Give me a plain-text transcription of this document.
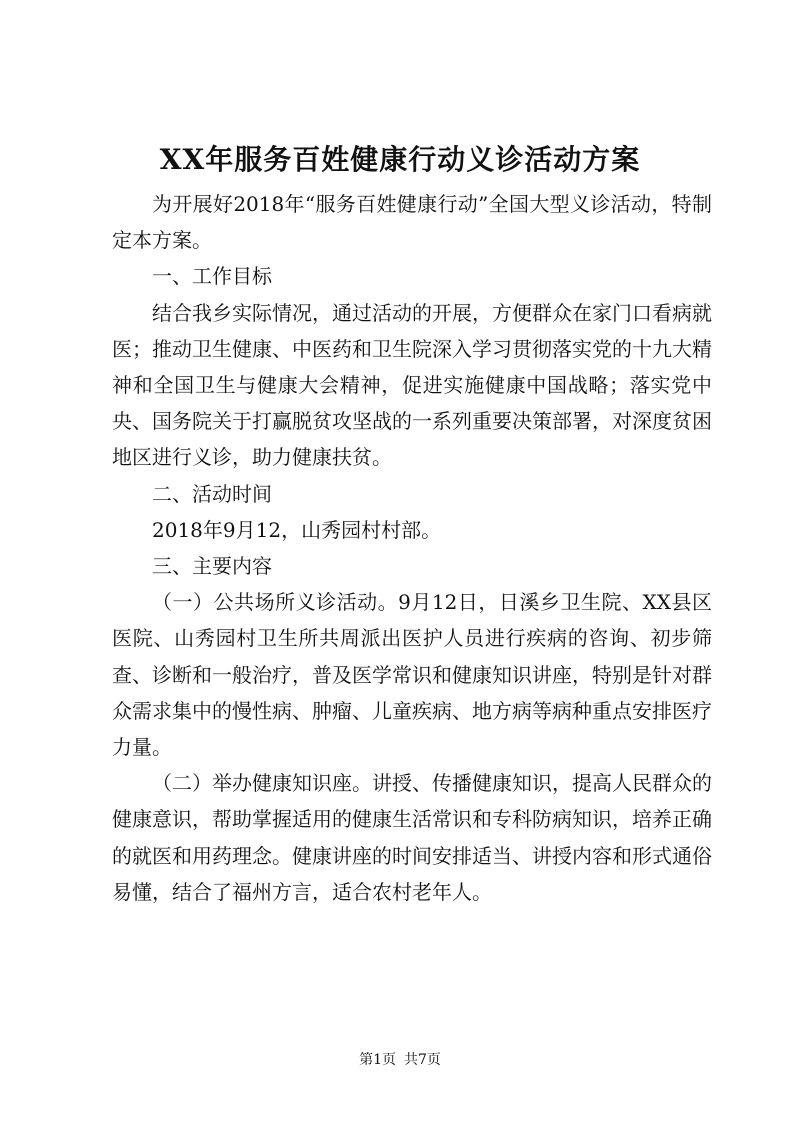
XX年服务百姓健康行动义诊活动方案

为开展好2018年“服务百姓健康行动”全国大型义诊活动，特制定本方案。

一、工作目标

结合我乡实际情况，通过活动的开展，方便群众在家门口看病就医；推动卫生健康、中医药和卫生院深入学习贯彻落实党的十九大精神和全国卫生与健康大会精神，促进实施健康中国战略；落实党中央、国务院关于打赢脱贫攻坚战的一系列重要决策部署，对深度贫困地区进行义诊，助力健康扶贫。

二、活动时间

2018年9月12，山秀园村村部。

三、主要内容

（一）公共场所义诊活动。9月12日，日溪乡卫生院、XX县区医院、山秀园村卫生所共周派出医护人员进行疾病的咨询、初步筛查、诊断和一般治疗，普及医学常识和健康知识讲座，特别是针对群众需求集中的慢性病、肿瘤、儿童疾病、地方病等病种重点安排医疗力量。

（二）举办健康知识座。讲授、传播健康知识，提高人民群众的健康意识，帮助掌握适用的健康生活常识和专科防病知识，培养正确的就医和用药理念。健康讲座的时间安排适当、讲授内容和形式通俗易懂，结合了福州方言，适合农村老年人。

第1页 共7页
